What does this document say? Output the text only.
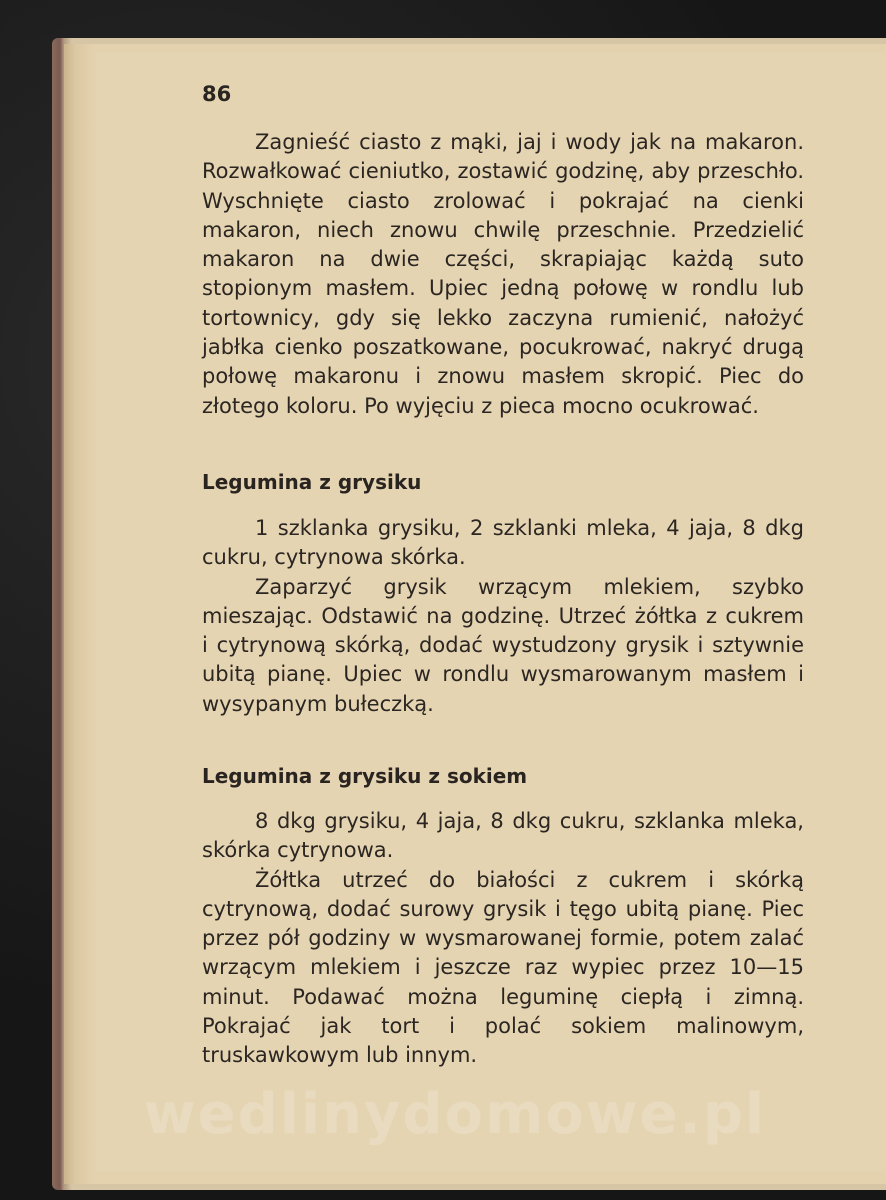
86

Zagnieść ciasto z mąki, jaj i wody jak na makaron. Rozwałkować cieniutko, zostawić godzinę, aby przeschło. Wyschnięte ciasto zrolować i pokrajać na cienki makaron, niech znowu chwilę przeschnie. Przedzielić makaron na dwie części, skrapiając każdą suto stopionym masłem. Upiec jedną połowę w rondlu lub tortownicy, gdy się lekko zaczyna rumienić, nałożyć jabłka cienko poszatkowane, pocukrować, nakryć drugą połowę makaronu i znowu masłem skropić. Piec do złotego koloru. Po wyjęciu z pieca mocno ocukrować.

Legumina z grysiku

1 szklanka grysiku, 2 szklanki mleka, 4 jaja, 8 dkg cukru, cytrynowa skórka.

Zaparzyć grysik wrzącym mlekiem, szybko mieszając. Odstawić na godzinę. Utrzeć żółtka z cukrem i cytrynową skórką, dodać wystudzony grysik i sztywnie ubitą pianę. Upiec w rondlu wysmarowanym masłem i wysypanym bułeczką.

Legumina z grysiku z sokiem

8 dkg grysiku, 4 jaja, 8 dkg cukru, szklanka mleka, skórka cytrynowa.

Żółtka utrzeć do białości z cukrem i skórką cytrynową, dodać surowy grysik i tęgo ubitą pianę. Piec przez pół godziny w wysmarowanej formie, potem zalać wrzącym mlekiem i jeszcze raz wypiec przez 10—15 minut. Podawać można leguminę ciepłą i zimną. Pokrajać jak tort i polać sokiem malinowym, truskawkowym lub innym.

wedlinydomowe.pl
